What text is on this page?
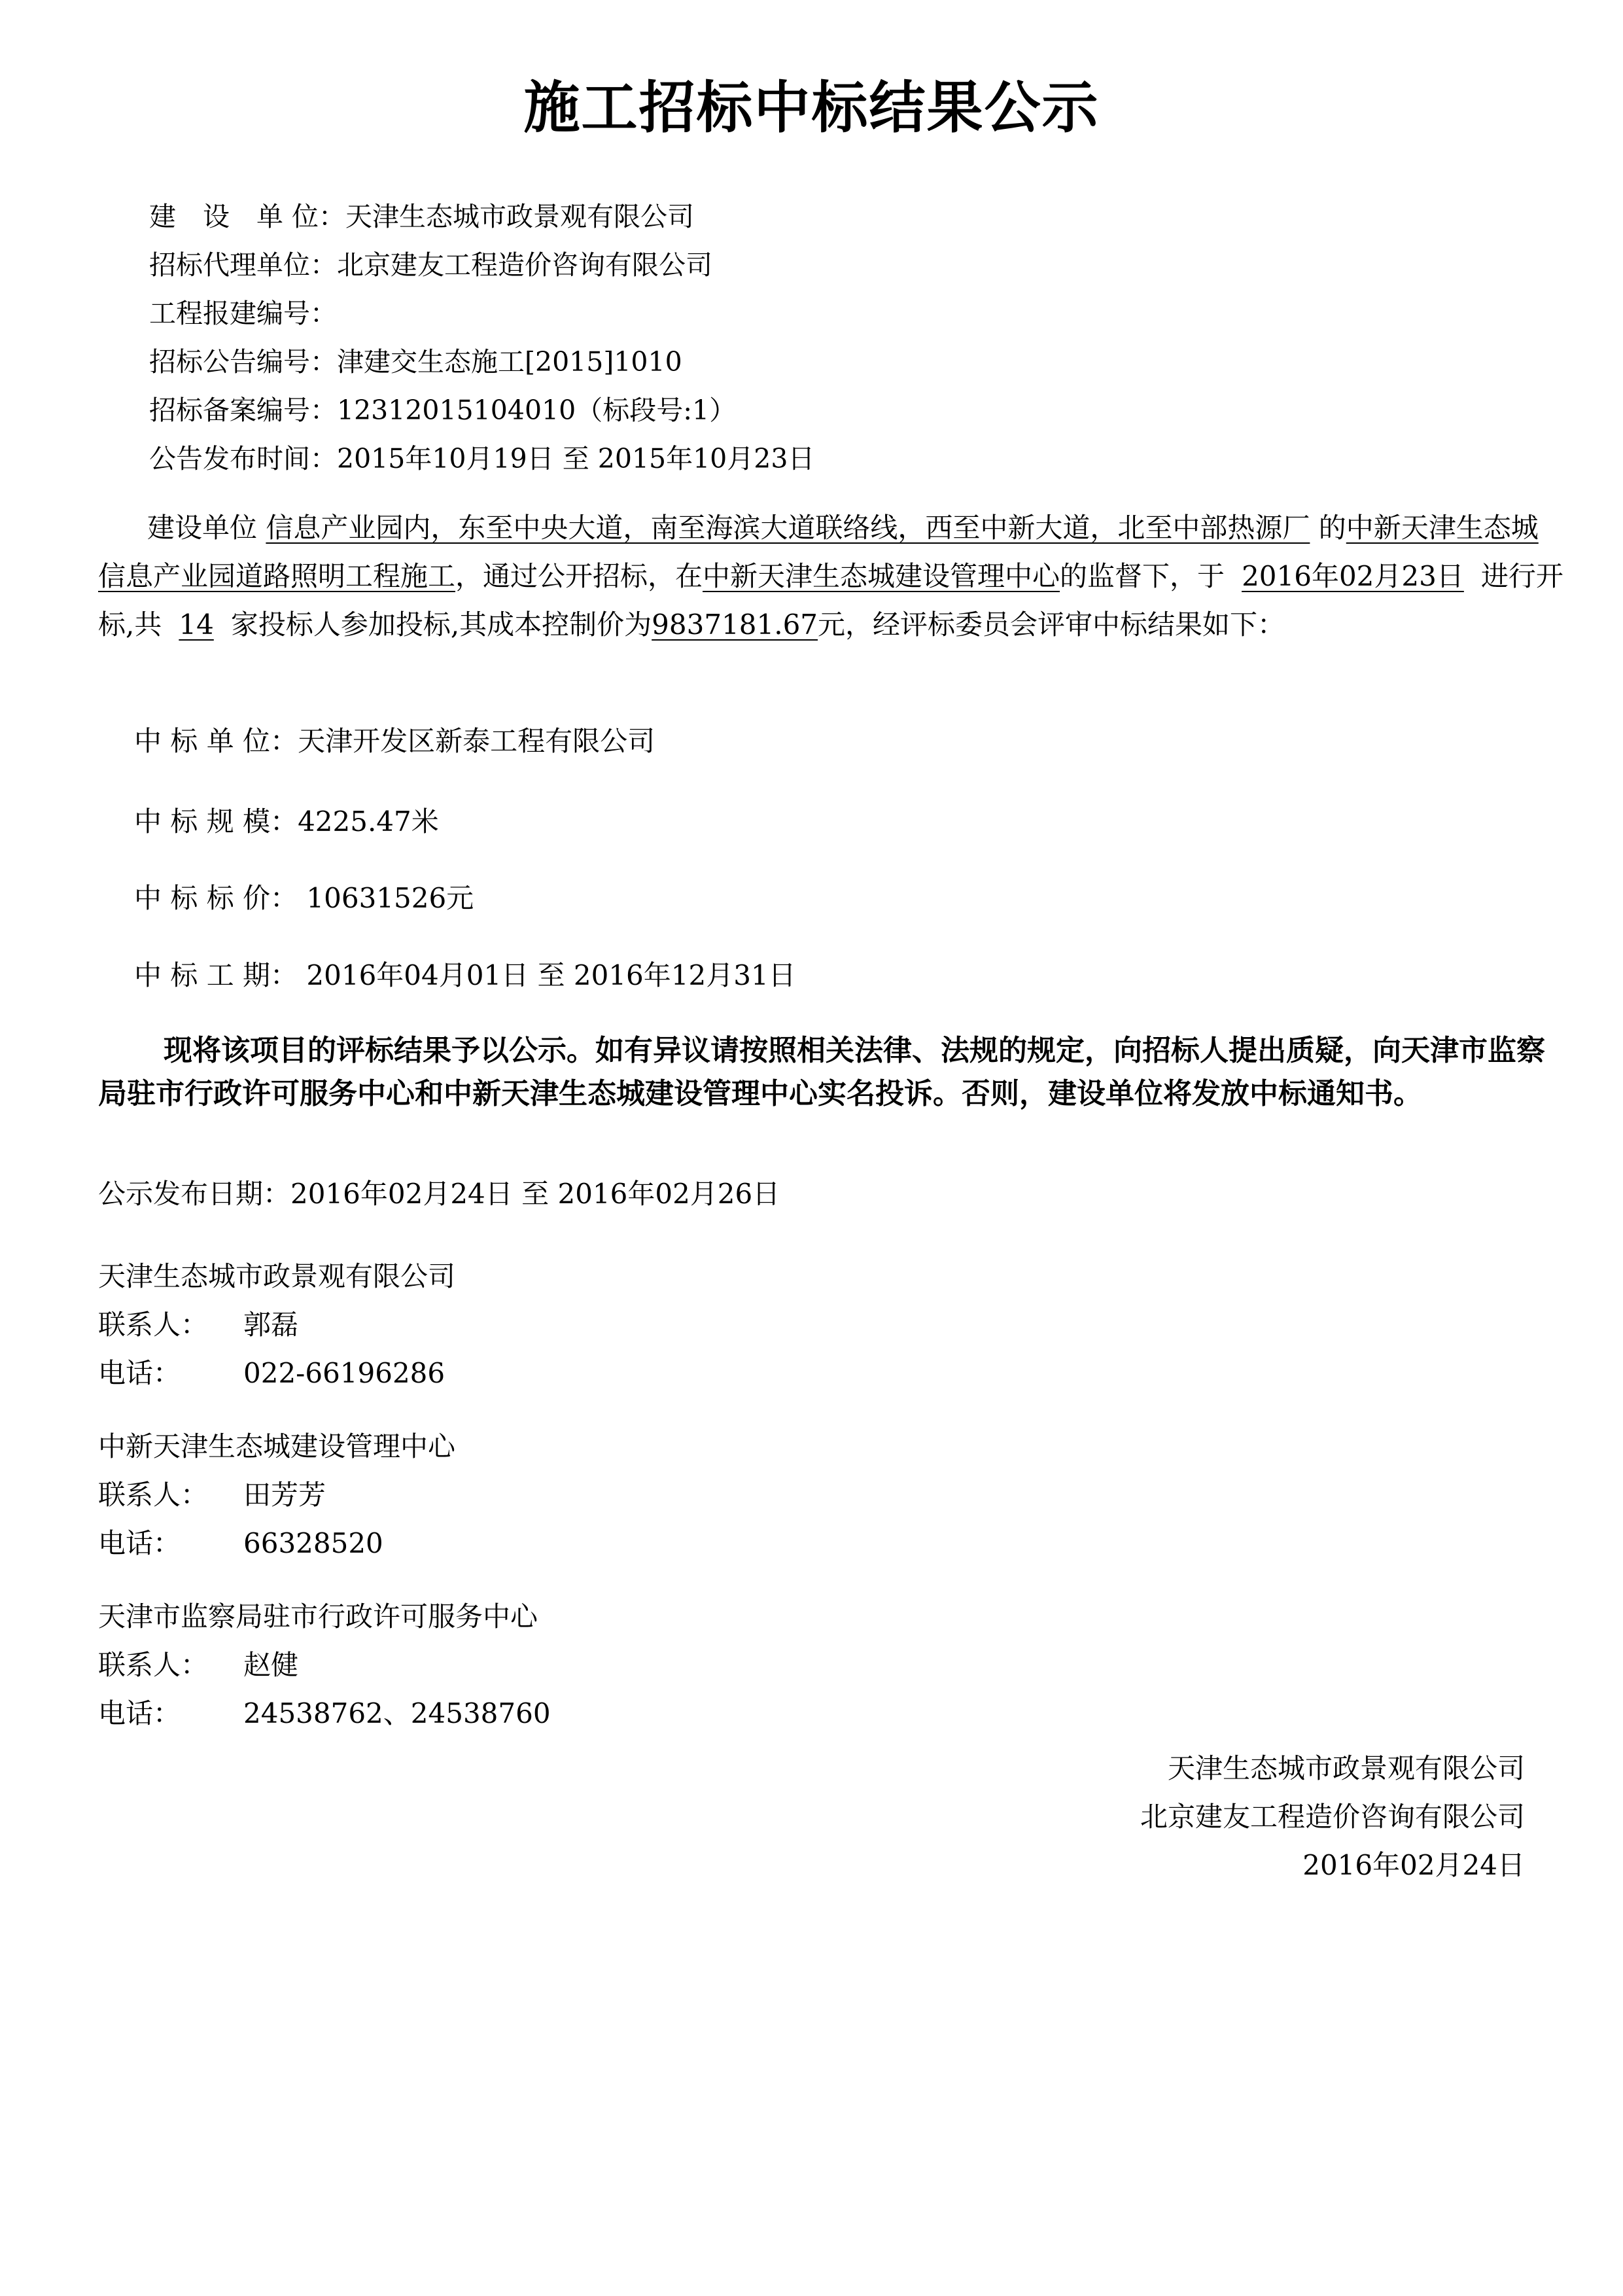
施工招标中标结果公示
建　设　单 位：天津生态城市政景观有限公司
招标代理单位：北京建友工程造价咨询有限公司
工程报建编号：
招标公告编号：津建交生态施工[2015]1010
招标备案编号：12312015104010（标段号:1）
公告发布时间：2015年10月19日 至 2015年10月23日
建设单位 信息产业园内，东至中央大道，南至海滨大道联络线，西至中新大道，北至中部热源厂 的中新天津生态城信息产业园道路照明工程施工，通过公开招标，在中新天津生态城建设管理中心的监督下，于 2016年02月23日 进行开标,共 14 家投标人参加投标,其成本控制价为9837181.67元，经评标委员会评审中标结果如下：
中 标 单 位：天津开发区新泰工程有限公司
中 标 规 模：4225.47米
中 标 标 价： 10631526元
中 标 工 期： 2016年04月01日 至 2016年12月31日
现将该项目的评标结果予以公示。如有异议请按照相关法律、法规的规定，向招标人提出质疑，向天津市监察局驻市行政许可服务中心和中新天津生态城建设管理中心实名投诉。否则，建设单位将发放中标通知书。
公示发布日期：2016年02月24日 至 2016年02月26日
天津生态城市政景观有限公司
联系人： 郭磊
电话： 022-66196286
中新天津生态城建设管理中心
联系人： 田芳芳
电话： 66328520
天津市监察局驻市行政许可服务中心
联系人： 赵健
电话： 24538762、24538760
天津生态城市政景观有限公司
北京建友工程造价咨询有限公司
2016年02月24日
